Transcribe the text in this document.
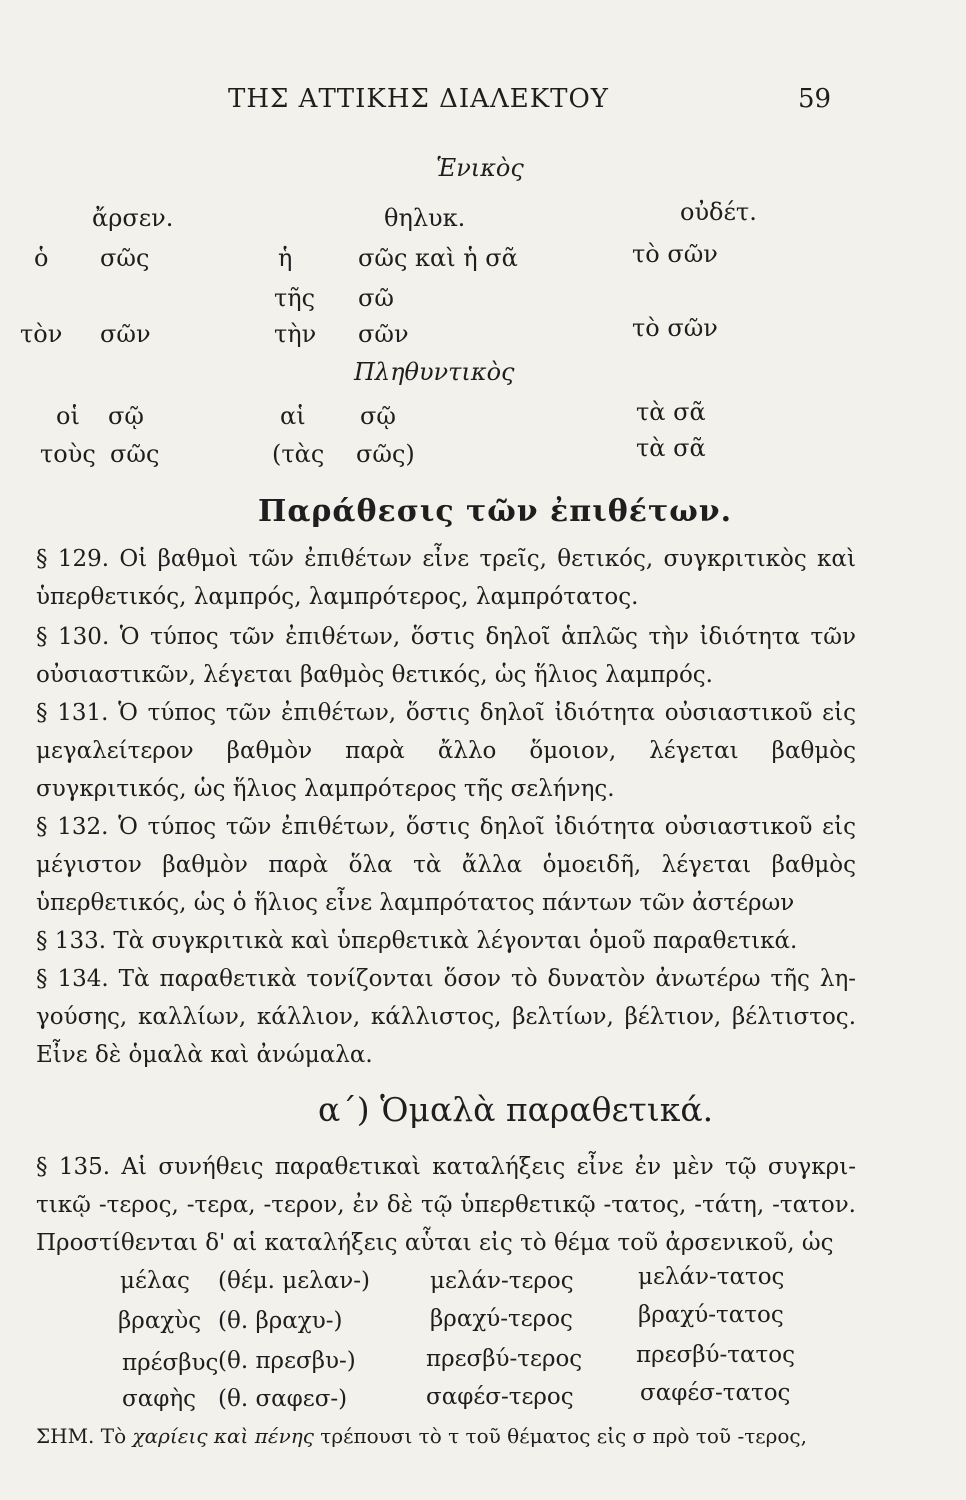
ΤΗΣ ΑΤΤΙΚΗΣ ΔΙΑΛΕΚΤΟΥ	59
Ἑνικὸς
ἄρσεν.	θηλυκ.	οὐδέτ.
ὁ σῶς	ἡ	σῶς καὶ ἡ σᾶ	τὸ σῶν
τῆς σῶ
τὸν σῶν	τὴν σῶν	τὸ σῶν
Πληθυντικὸς
οἱ σῷ	αἱ σῷ	τὰ σᾶ
τοὺς σῶς	(τὰς σῶς)	τὰ σᾶ
Παράθεσις τῶν ἐπιθέτων.
§ 129. Οἱ βαθμοὶ τῶν ἐπιθέτων εἶνε τρεῖς, θετικός, συγκριτικὸς καὶ ὑπερθετικός, λαμπρός, λαμπρότερος, λαμπρότατος.
§ 130. Ὁ τύπος τῶν ἐπιθέτων, ὅστις δηλοῖ ἁπλῶς τὴν ἰδιότητα τῶν οὐσιαστικῶν, λέγεται βαθμὸς θετικός, ὡς ἥλιος λαμπρός.
§ 131. Ὁ τύπος τῶν ἐπιθέτων, ὅστις δηλοῖ ἰδιότητα οὐσιαστικοῦ εἰς μεγαλείτερον βαθμὸν παρὰ ἄλλο ὅμοιον, λέγεται βαθμὸς συγκριτικός, ὡς ἥλιος λαμπρότερος τῆς σελήνης.
§ 132. Ὁ τύπος τῶν ἐπιθέτων, ὅστις δηλοῖ ἰδιότητα οὐσιαστικοῦ εἰς μέγιστον βαθμὸν παρὰ ὅλα τὰ ἄλλα ὁμοειδῆ, λέγεται βαθμὸς ὑπερθετικός, ὡς ὁ ἥλιος εἶνε λαμπρότατος πάντων τῶν ἀστέρων
§ 133. Τὰ συγκριτικὰ καὶ ὑπερθετικὰ λέγονται ὁμοῦ παραθετικά.
§ 134. Τὰ παραθετικὰ τονίζονται ὅσον τὸ δυνατὸν ἀνωτέρω τῆς λη-γούσης, καλλίων, κάλλιον, κάλλιστος, βελτίων, βέλτιον, βέλτιστος. Εἶνε δὲ ὁμαλὰ καὶ ἀνώμαλα.
α΄) Ὁμαλὰ παραθετικά.
§ 135. Αἱ συνήθεις παραθετικαὶ καταλήξεις εἶνε ἐν μὲν τῷ συγκρι-τικῷ -τερος, -τερα, -τερον, ἐν δὲ τῷ ὑπερθετικῷ -τατος, -τάτη, -τατον. Προστίθενται δ' αἱ καταλήξεις αὗται εἰς τὸ θέμα τοῦ ἀρσενικοῦ, ὡς
μέλας (θέμ. μελαν-)	μελάν-τερος	μελάν-τατος
βραχὺς (θ. βραχυ-)	βραχύ-τερος	βραχύ-τατος
πρέσβυς (θ. πρεσβυ-)	πρεσβύ-τερος πρεσβύ-τατος
σαφὴς (θ. σαφεσ-)	σαφέσ-τερος	σαφέσ-τατος
ΣΗΜ. Τὸ χαρίεις καὶ πένης τρέπουσι τὸ τ τοῦ θέματος εἰς σ πρὸ τοῦ -τερος,
